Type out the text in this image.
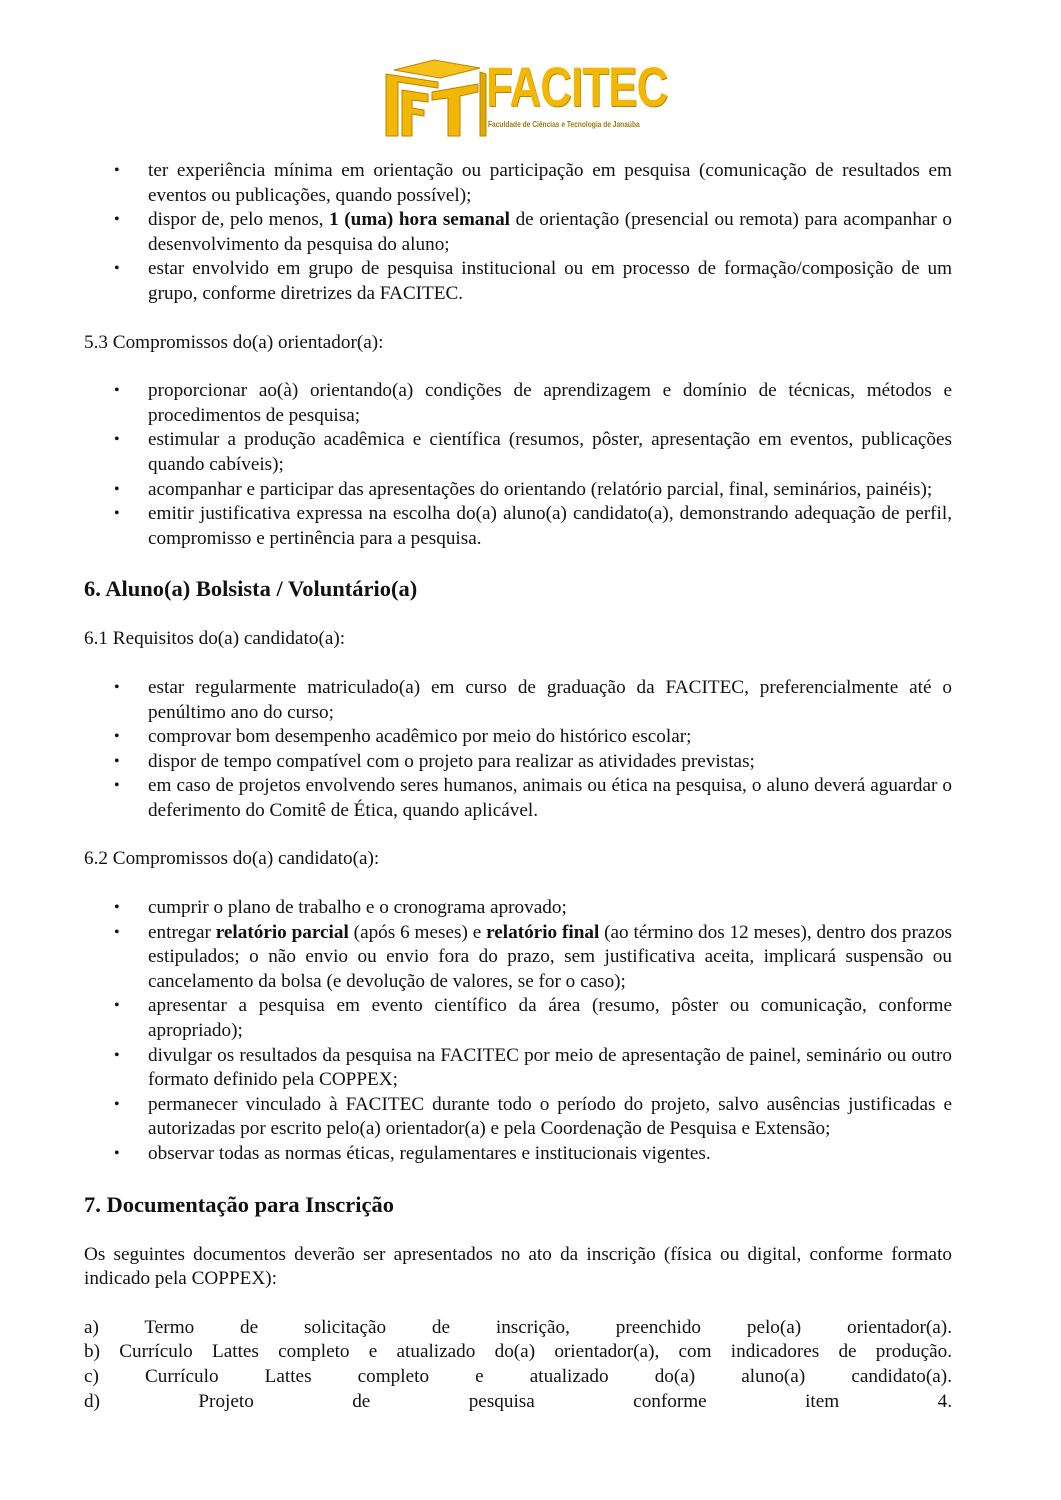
FACITEC
Faculdade de Ciências e Tecnologia de Janaúba
• ter experiência mínima em orientação ou participação em pesquisa (comunicação de resultados em eventos ou publicações, quando possível);
• dispor de, pelo menos, 1 (uma) hora semanal de orientação (presencial ou remota) para acompanhar o desenvolvimento da pesquisa do aluno;
• estar envolvido em grupo de pesquisa institucional ou em processo de formação/composição de um grupo, conforme diretrizes da FACITEC.

5.3 Compromissos do(a) orientador(a):

• proporcionar ao(à) orientando(a) condições de aprendizagem e domínio de técnicas, métodos e procedimentos de pesquisa;
• estimular a produção acadêmica e científica (resumos, pôster, apresentação em eventos, publicações quando cabíveis);
• acompanhar e participar das apresentações do orientando (relatório parcial, final, seminários, painéis);
• emitir justificativa expressa na escolha do(a) aluno(a) candidato(a), demonstrando adequação de perfil, compromisso e pertinência para a pesquisa.
6. Aluno(a) Bolsista / Voluntário(a)

6.1 Requisitos do(a) candidato(a):

• estar regularmente matriculado(a) em curso de graduação da FACITEC, preferencialmente até o penúltimo ano do curso;
• comprovar bom desempenho acadêmico por meio do histórico escolar;
• dispor de tempo compatível com o projeto para realizar as atividades previstas;
• em caso de projetos envolvendo seres humanos, animais ou ética na pesquisa, o aluno deverá aguardar o deferimento do Comitê de Ética, quando aplicável.

6.2 Compromissos do(a) candidato(a):

• cumprir o plano de trabalho e o cronograma aprovado;
• entregar relatório parcial (após 6 meses) e relatório final (ao término dos 12 meses), dentro dos prazos estipulados; o não envio ou envio fora do prazo, sem justificativa aceita, implicará suspensão ou cancelamento da bolsa (e devolução de valores, se for o caso);
• apresentar a pesquisa em evento científico da área (resumo, pôster ou comunicação, conforme apropriado);
• divulgar os resultados da pesquisa na FACITEC por meio de apresentação de painel, seminário ou outro formato definido pela COPPEX;
• permanecer vinculado à FACITEC durante todo o período do projeto, salvo ausências justificadas e autorizadas por escrito pelo(a) orientador(a) e pela Coordenação de Pesquisa e Extensão;
• observar todas as normas éticas, regulamentares e institucionais vigentes.
7. Documentação para Inscrição

Os seguintes documentos deverão ser apresentados no ato da inscrição (física ou digital, conforme formato indicado pela COPPEX):

a) Termo de solicitação de inscrição, preenchido pelo(a) orientador(a).
b) Currículo Lattes completo e atualizado do(a) orientador(a), com indicadores de produção.
c) Currículo Lattes completo e atualizado do(a) aluno(a) candidato(a).
d) Projeto de pesquisa conforme item 4.
